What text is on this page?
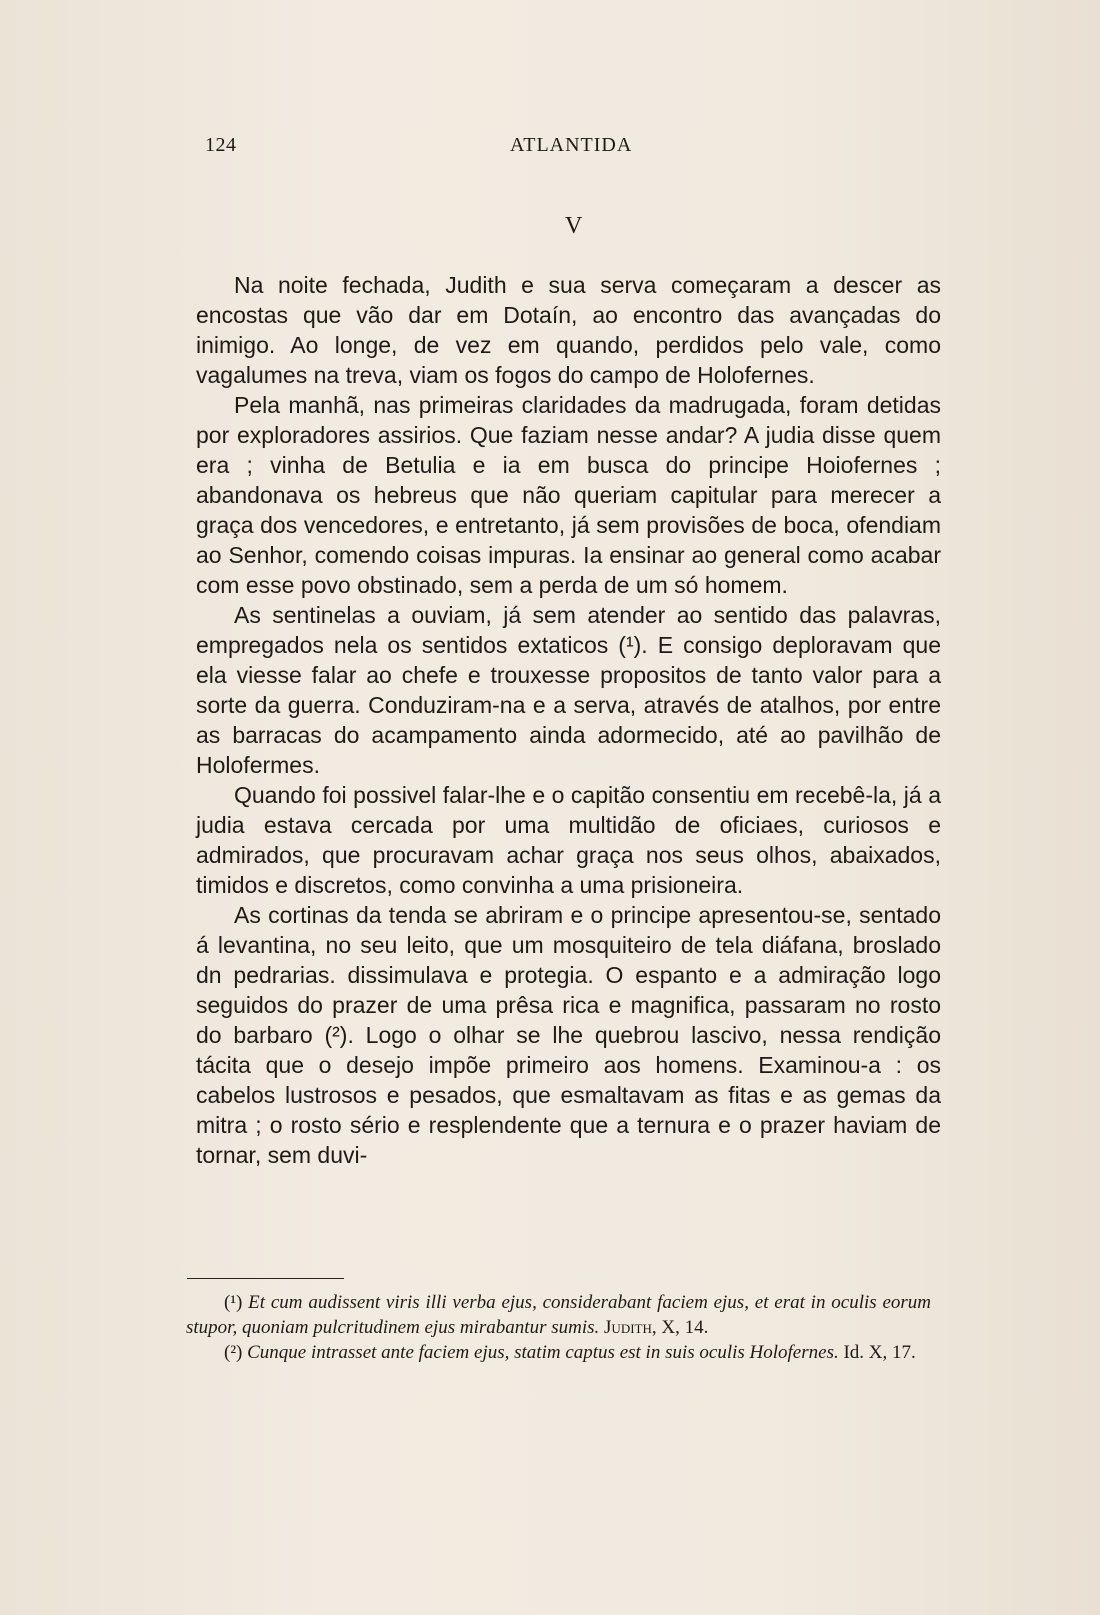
124	ATLANTIDA
V

Na noite fechada, Judith e sua serva começaram a descer as encostas que vão dar em Dotaín, ao encontro das avançadas do inimigo. Ao longe, de vez em quando, perdidos pelo vale, como vagalumes na treva, viam os fogos do campo de Holofernes.

Pela manhã, nas primeiras claridades da madrugada, foram detidas por exploradores assirios. Que faziam nesse andar? A judia disse quem era ; vinha de Betulia e ia em busca do principe Hoiofernes ; abandonava os hebreus que não queriam capitular para merecer a graça dos vencedores, e entretanto, já sem provisões de boca, ofendiam ao Senhor, comendo coisas impuras. Ia ensinar ao general como acabar com esse povo obstinado, sem a perda de um só homem.

As sentinelas a ouviam, já sem atender ao sentido das palavras, empregados nela os sentidos extaticos (¹). E consigo deploravam que ela viesse falar ao chefe e trouxesse propositos de tanto valor para a sorte da guerra. Conduziram-na e a serva, através de atalhos, por entre as barracas do acampamento ainda adormecido, até ao pavilhão de Holofermes.

Quando foi possivel falar-lhe e o capitão consentiu em recebê-la, já a judia estava cercada por uma multidão de oficiaes, curiosos e admirados, que procuravam achar graça nos seus olhos, abaixados, timidos e discretos, como convinha a uma prisioneira.

As cortinas da tenda se abriram e o principe apresentou-se, sentado á levantina, no seu leito, que um mosquiteiro de tela diáfana, broslado dn pedrarias. dissimulava e protegia. O espanto e a admiração logo seguidos do prazer de uma prêsa rica e magnifica, passaram no rosto do barbaro (²). Logo o olhar se lhe quebrou lascivo, nessa rendição tácita que o desejo impõe primeiro aos homens. Examinou-a : os cabelos lustrosos e pesados, que esmaltavam as fitas e as gemas da mitra ; o rosto sério e resplendente que a ternura e o prazer haviam de tornar, sem duvi-

(¹) Et cum audissent viris illi verba ejus, considerabant faciem ejus, et erat in oculis eorum stupor, quoniam pulcritudinem ejus mirabantur sumis. Judith, X, 14.

(²) Cunque intrasset ante faciem ejus, statim captus est in suis oculis Holofernes. Id. X, 17.
